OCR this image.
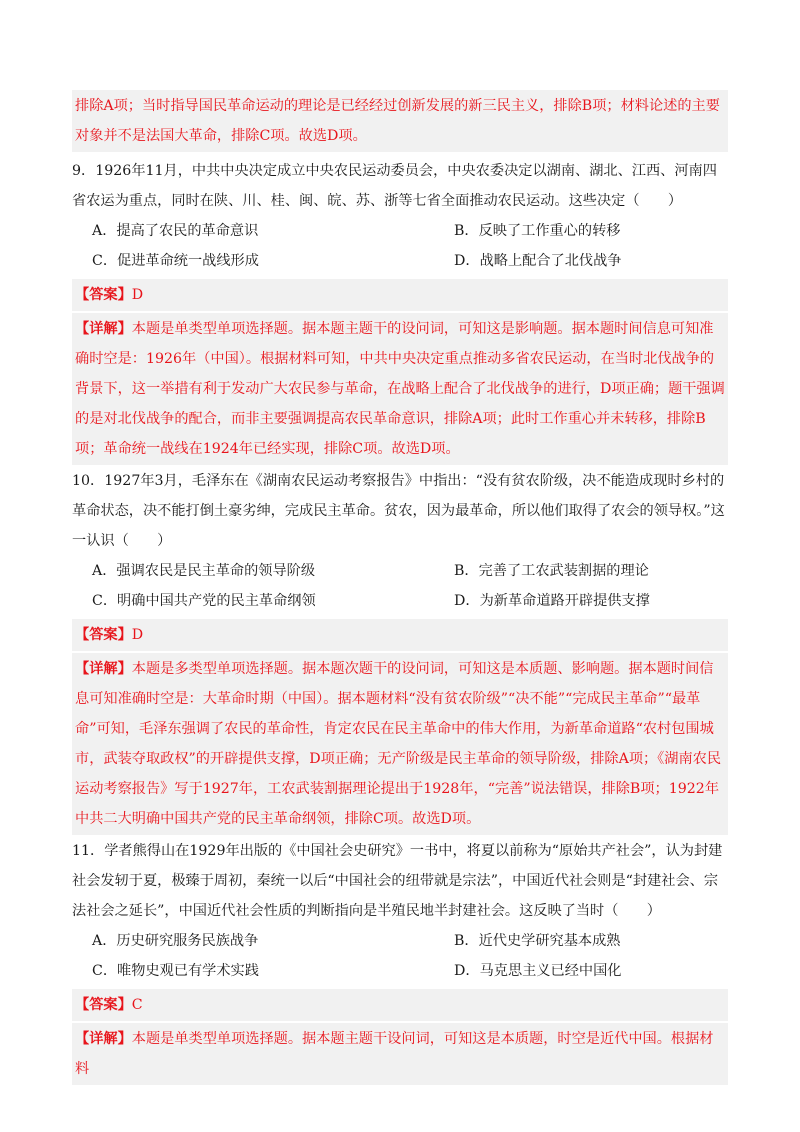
排除A项；当时指导国民革命运动的理论是已经经过创新发展的新三民主义，排除B项；材料论述的主要对象并不是法国大革命，排除C项。故选D项。
9．1926年11月，中共中央决定成立中央农民运动委员会，中央农委决定以湖南、湖北、江西、河南四省农运为重点，同时在陕、川、桂、闽、皖、苏、浙等七省全面推动农民运动。这些决定（　　）
A．提高了农民的革命意识	B．反映了工作重心的转移
C．促进革命统一战线形成	D．战略上配合了北伐战争
【答案】D
【详解】本题是单类型单项选择题。据本题主题干的设问词，可知这是影响题。据本题时间信息可知准确时空是：1926年（中国）。根据材料可知，中共中央决定重点推动多省农民运动，在当时北伐战争的背景下，这一举措有利于发动广大农民参与革命，在战略上配合了北伐战争的进行，D项正确；题干强调的是对北伐战争的配合，而非主要强调提高农民革命意识，排除A项；此时工作重心并未转移，排除B项；革命统一战线在1924年已经实现，排除C项。故选D项。
10．1927年3月，毛泽东在《湖南农民运动考察报告》中指出：“没有贫农阶级，决不能造成现时乡村的革命状态，决不能打倒土豪劣绅，完成民主革命。贫农，因为最革命，所以他们取得了农会的领导权。”这一认识（　　）
A．强调农民是民主革命的领导阶级	B．完善了工农武装割据的理论
C．明确中国共产党的民主革命纲领	D．为新革命道路开辟提供支撑
【答案】D
【详解】本题是多类型单项选择题。据本题次题干的设问词，可知这是本质题、影响题。据本题时间信息可知准确时空是：大革命时期（中国）。据本题材料“没有贫农阶级”“决不能”“完成民主革命”“最革命”可知，毛泽东强调了农民的革命性，肯定农民在民主革命中的伟大作用，为新革命道路“农村包围城市，武装夺取政权”的开辟提供支撑，D项正确；无产阶级是民主革命的领导阶级，排除A项；《湖南农民运动考察报告》写于1927年，工农武装割据理论提出于1928年，“完善”说法错误，排除B项；1922年中共二大明确中国共产党的民主革命纲领，排除C项。故选D项。
11．学者熊得山在1929年出版的《中国社会史研究》一书中，将夏以前称为“原始共产社会”，认为封建社会发轫于夏，极臻于周初，秦统一以后“中国社会的纽带就是宗法”，中国近代社会则是“封建社会、宗法社会之延长”，中国近代社会性质的判断指向是半殖民地半封建社会。这反映了当时（　　）
A．历史研究服务民族战争	B．近代史学研究基本成熟
C．唯物史观已有学术实践	D．马克思主义已经中国化
【答案】C
【详解】本题是单类型单项选择题。据本题主题干设问词，可知这是本质题，时空是近代中国。根据材料
